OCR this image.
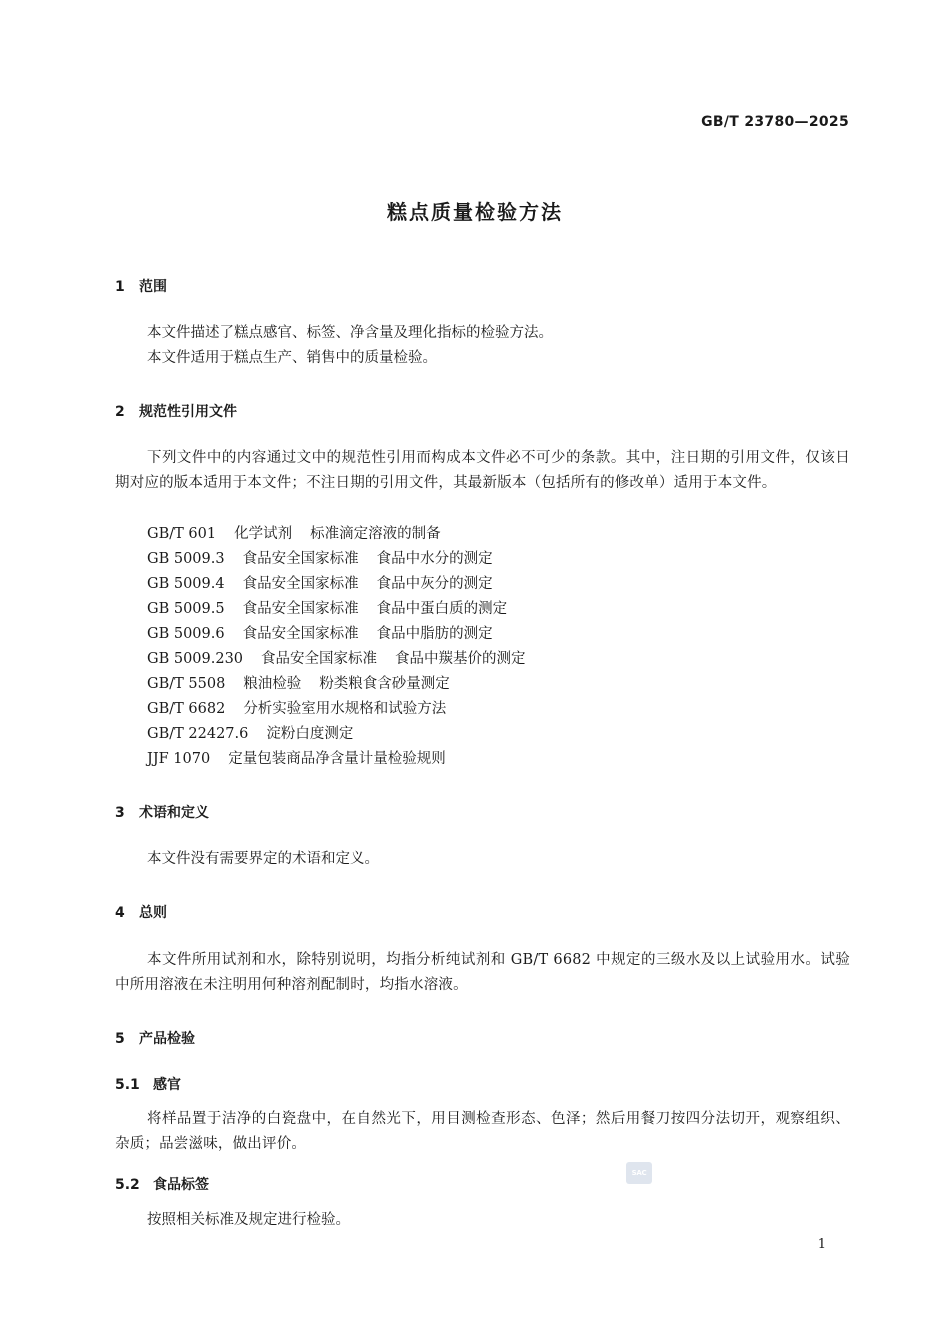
GB/T 23780—2025
糕点质量检验方法
1 范围
本文件描述了糕点感官、标签、净含量及理化指标的检验方法。
本文件适用于糕点生产、销售中的质量检验。
2 规范性引用文件
下列文件中的内容通过文中的规范性引用而构成本文件必不可少的条款。其中，注日期的引用文件，仅该日期对应的版本适用于本文件；不注日期的引用文件，其最新版本（包括所有的修改单）适用于本文件。
GB/T 601 化学试剂 标准滴定溶液的制备
GB 5009.3 食品安全国家标准 食品中水分的测定
GB 5009.4 食品安全国家标准 食品中灰分的测定
GB 5009.5 食品安全国家标准 食品中蛋白质的测定
GB 5009.6 食品安全国家标准 食品中脂肪的测定
GB 5009.230 食品安全国家标准 食品中羰基价的测定
GB/T 5508 粮油检验 粉类粮食含砂量测定
GB/T 6682 分析实验室用水规格和试验方法
GB/T 22427.6 淀粉白度测定
JJF 1070 定量包装商品净含量计量检验规则
3 术语和定义
本文件没有需要界定的术语和定义。
4 总则
本文件所用试剂和水，除特别说明，均指分析纯试剂和 GB/T 6682 中规定的三级水及以上试验用水。试验中所用溶液在未注明用何种溶剂配制时，均指水溶液。
5 产品检验
5.1 感官
将样品置于洁净的白瓷盘中，在自然光下，用目测检查形态、色泽；然后用餐刀按四分法切开，观察组织、杂质；品尝滋味，做出评价。
5.2 食品标签
按照相关标准及规定进行检验。
SAC
1
